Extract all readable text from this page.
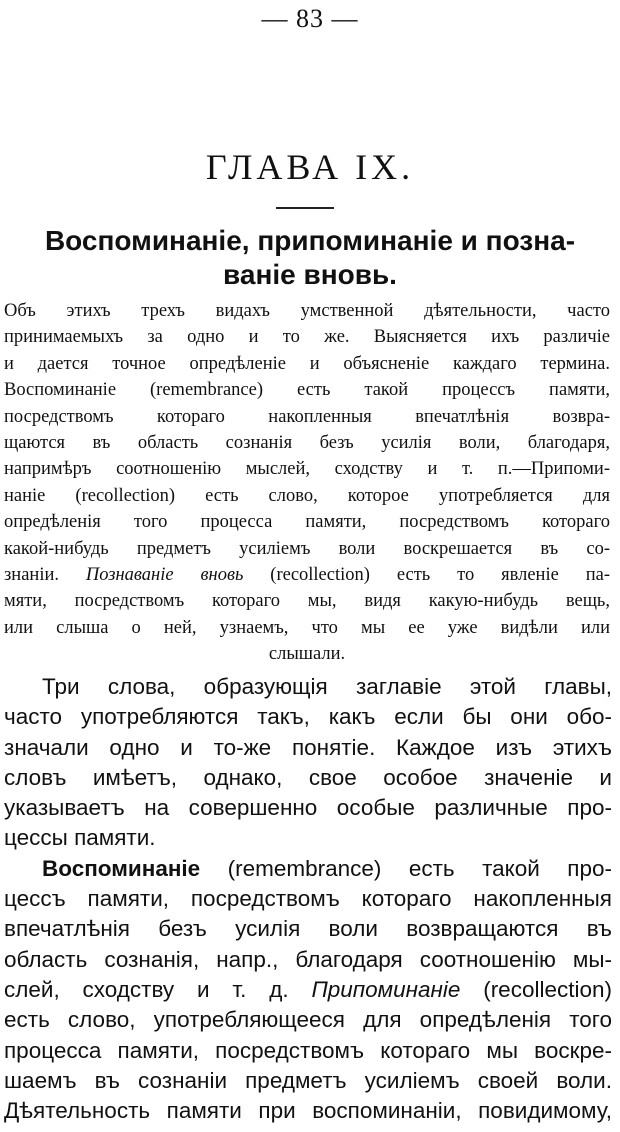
— 83 —
ГЛАВА IX.
Воспоминаніе, припоминаніе и позна-
ваніе вновь.
Объ этихъ трехъ видахъ умственной дѣятельности, часто
принимаемыхъ за одно и то же. Выясняется ихъ различіе
и дается точное опредѣленіе и объясненіе каждаго термина.
Воспоминаніе (remembrance) есть такой процессъ памяти,
посредствомъ котораго накопленныя впечатлѣнія возвра-
щаются въ область сознанія безъ усилія воли, благодаря,
напримѣръ соотношенію мыслей, сходству и т. п.—Припоми-
наніе (recollection) есть слово, которое употребляется для
опредѣленія того процесса памяти, посредствомъ котораго
какой-нибудь предметъ усиліемъ воли воскрешается въ со-
знаніи. Познаваніе вновь (recollection) есть то явленіе па-
мяти, посредствомъ котораго мы, видя какую-нибудь вещь,
или слыша о ней, узнаемъ, что мы ее уже видѣли или
слышали.
Три слова, образующія заглавіе этой главы,
часто употребляются такъ, какъ если бы они обо-
значали одно и то-же понятіе. Каждое изъ этихъ
словъ имѣетъ, однако, свое особое значеніе и
указываетъ на совершенно особые различные про-
цессы памяти.
Воспоминаніе (remembrance) есть такой про-
цессъ памяти, посредствомъ котораго накопленныя
впечатлѣнія безъ усилія воли возвращаются въ
область сознанія, напр., благодаря соотношенію мы-
слей, сходству и т. д. Припоминаніе (recollection)
есть слово, употребляющееся для опредѣленія того
процесса памяти, посредствомъ котораго мы воскре-
шаемъ въ сознаніи предметъ усиліемъ своей воли.
Дѣятельность памяти при воспоминаніи, повидимому,
